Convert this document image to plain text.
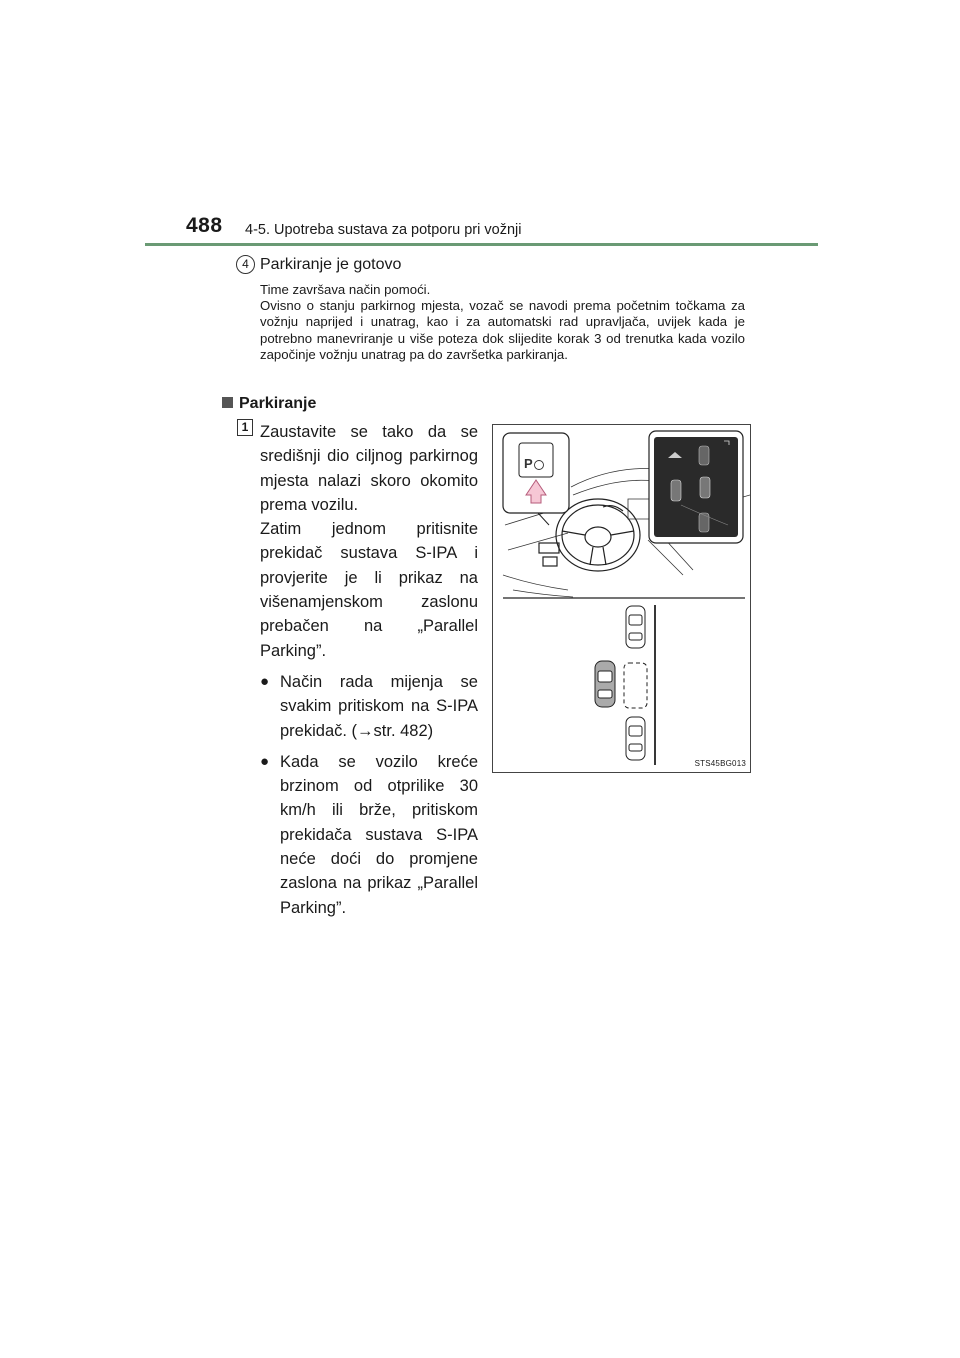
488 4-5. Upotreba sustava za potporu pri vožnji
4 Parkiranje je gotovo

Time završava način pomoći.

Ovisno o stanju parkirnog mjesta, vozač se navodi prema početnim točkama za vožnju naprijed i unatrag, kao i za automatski rad upravljača, uvijek kada je potrebno manevriranje u više poteza dok slijedite korak 3 od trenutka kada vozilo započinje vožnju unatrag pa do završetka parkiranja.

Parkiranje
1 Zaustavite se tako da se središnji dio ciljnog parkirnog mjesta nalazi skoro okomito prema vozilu.

Zatim jednom pritisnite prekidač sustava S-IPA i provjerite je li prikaz na višenamjenskom zaslonu prebačen na „Parallel Parking”.

● Način rada mijenja se svakim pritiskom na S-IPA prekidač. (→str. 482)

● Kada se vozilo kreće brzinom od otprilike 30 km/h ili brže, pritiskom prekidača sustava S-IPA neće doći do promjene zaslona na prikaz „Parallel Parking”.

P
STS45BG013
